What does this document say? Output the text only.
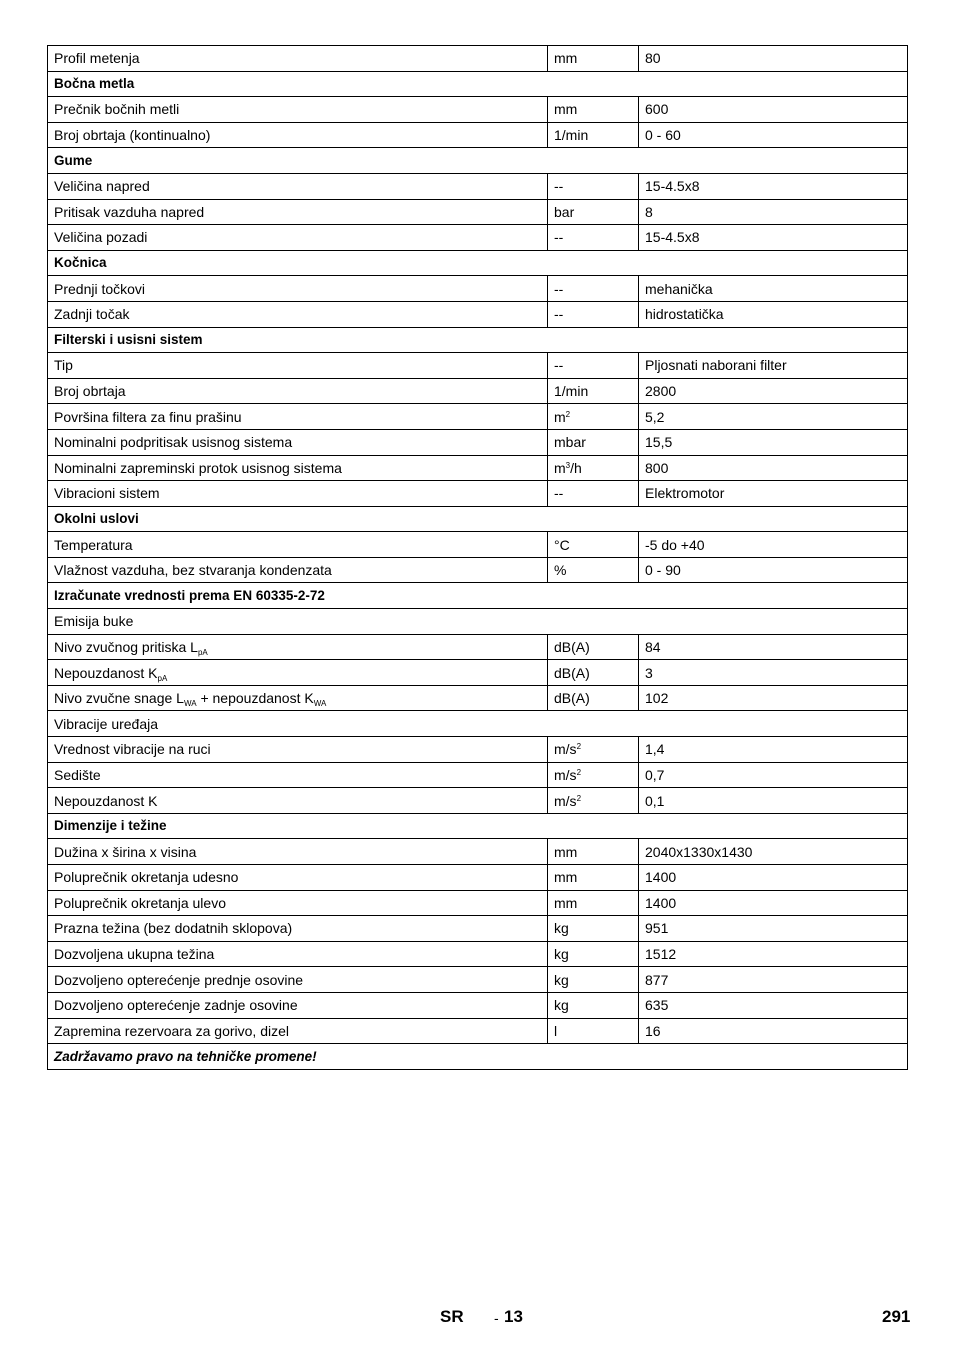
Profil metenja	mm	80
Bočna metla		
Prečnik bočnih metli	mm	600
Broj obrtaja (kontinualno)	1/min	0 - 60
Gume		
Veličina napred	--	15-4.5x8
Pritisak vazduha napred	bar	8
Veličina pozadi	--	15-4.5x8
Kočnica		
Prednji točkovi	--	mehanička
Zadnji točak	--	hidrostatička
Filterski i usisni sistem		
Tip	--	Pljosnati naborani filter
Broj obrtaja	1/min	2800
Površina filtera za finu prašinu	$m^2$	5,2
Nominalni podpritisak usisnog sistema	mbar	15,5
Nominalni zapreminski protok usisnog sistema	$m^3/h$	800
Vibracioni sistem	--	Elektromotor
Okolni uslovi		
Temperatura	°C	-5 do +40
Vlažnost vazduha, bez stvaranja kondenzata	%	0 - 90
Izračunate vrednosti prema EN 60335-2-72		
Emisija buke		
Nivo zvučnog pritiska $L_{pA}$	dB(A)	84
Nepouzdanost $K_{pA}$	dB(A)	3
Nivo zvučne snage $L_{WA}$ + nepouzdanost $K_{WA}$	dB(A)	102
Vibracije uređaja		
Vrednost vibracije na ruci	$m/s^2$	1,4
Sedište	$m/s^2$	0,7
Nepouzdanost K	$m/s^2$	0,1
Dimenzije i težine		
Dužina x širina x visina	mm	2040x1330x1430
Poluprečnik okretanja udesno	mm	1400
Poluprečnik okretanja ulevo	mm	1400
Prazna težina (bez dodatnih sklopova)	kg	951
Dozvoljena ukupna težina	kg	1512
Dozvoljeno opterećenje prednje osovine	kg	877
Dozvoljeno opterećenje zadnje osovine	kg	635
Zapremina rezervoara za gorivo, dizel	l	16
Zadržavamo pravo na tehničke promene!		
SR - 13	291
